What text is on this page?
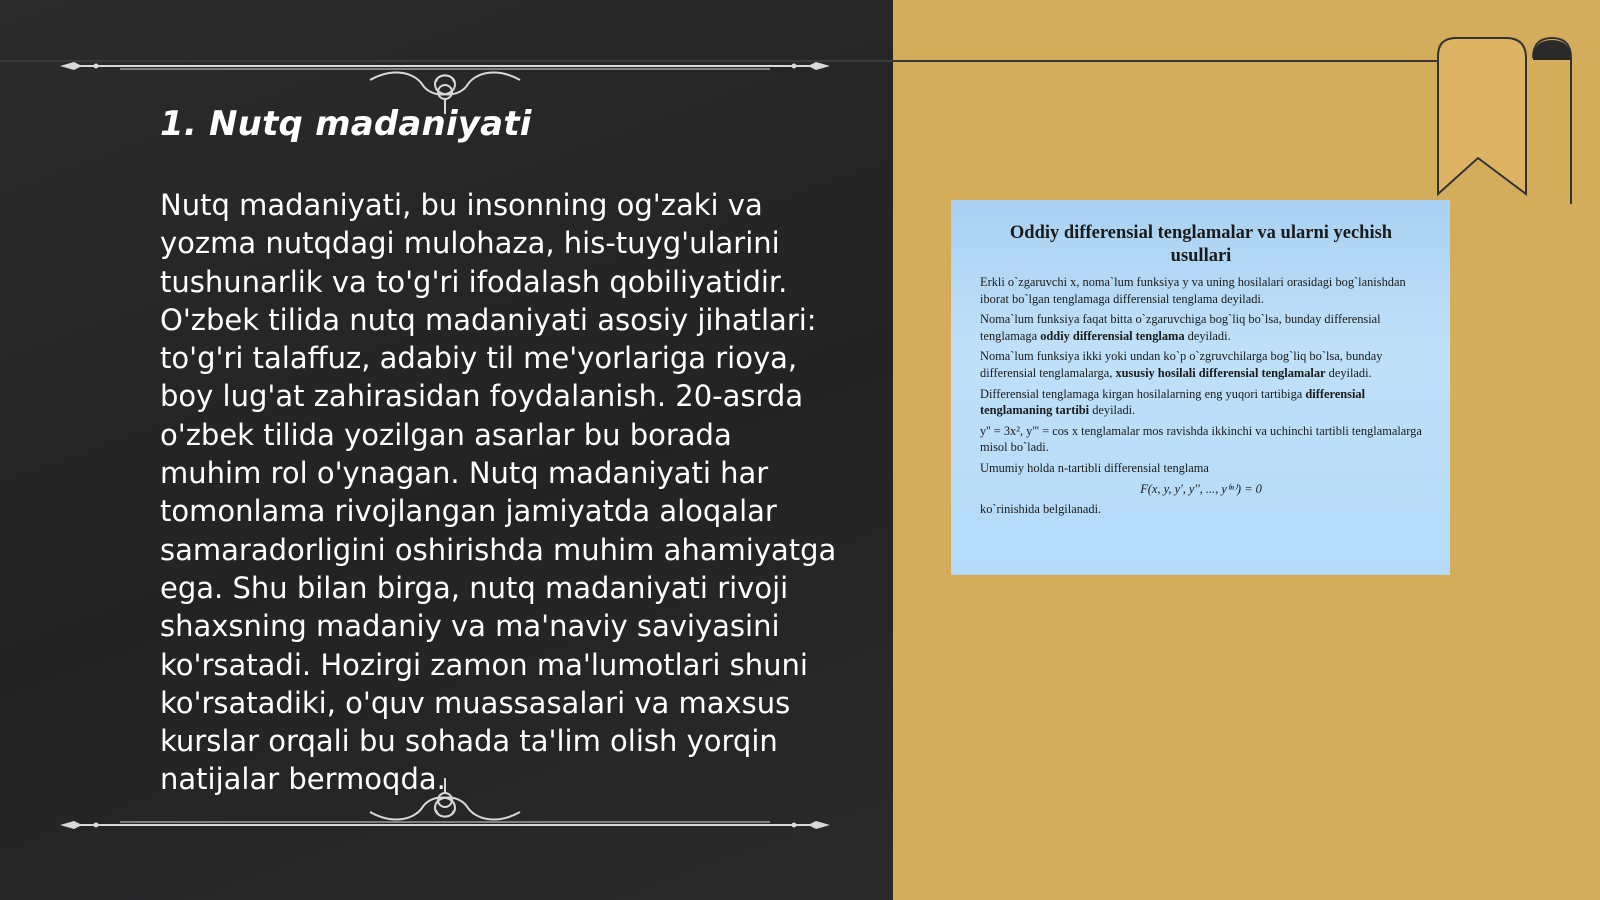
1. Nutq madaniyati

Nutq madaniyati, bu insonning og'zaki va yozma nutqdagi mulohaza, his-tuyg'ularini tushunarlik va to'g'ri ifodalash qobiliyatidir. O'zbek tilida nutq madaniyati asosiy jihatlari: to'g'ri talaffuz, adabiy til me'yorlariga rioya, boy lug'at zahirasidan foydalanish. 20-asrda o'zbek tilida yozilgan asarlar bu borada muhim rol o'ynagan. Nutq madaniyati har tomonlama rivojlangan jamiyatda aloqalar samaradorligini oshirishda muhim ahamiyatga ega. Shu bilan birga, nutq madaniyati rivoji shaxsning madaniy va ma'naviy saviyasini ko'rsatadi. Hozirgi zamon ma'lumotlari shuni ko'rsatadiki, o'quv muassasalari va maxsus kurslar orqali bu sohada ta'lim olish yorqin natijalar bermoqda.

Oddiy differensial tenglamalar va ularni yechish usullari

Erkli o`zgaruvchi x, noma`lum funksiya y va uning hosilalari orasidagi bog`lanishdan iborat bo`lgan tenglamaga differensial tenglama deyiladi.

Noma`lum funksiya faqat bitta o`zgaruvchiga bog`liq bo`lsa, bunday differensial tenglamaga oddiy differensial tenglama deyiladi.

Noma`lum funksiya ikki yoki undan ko`p o`zgruvchilarga bog`liq bo`lsa, bunday differensial tenglamalarga, xususiy hosilali differensial tenglamalar deyiladi.

Differensial tenglamaga kirgan hosilalarning eng yuqori tartibiga differensial tenglamaning tartibi deyiladi.

y'' = 3x², y''' = cos x tenglamalar mos ravishda ikkinchi va uchinchi tartibli tenglamalarga misol bo`ladi.

Umumiy holda n-tartibli differensial tenglama

F(x, y, y', y'', ..., y⁽ⁿ⁾) = 0

ko`rinishida belgilanadi.
